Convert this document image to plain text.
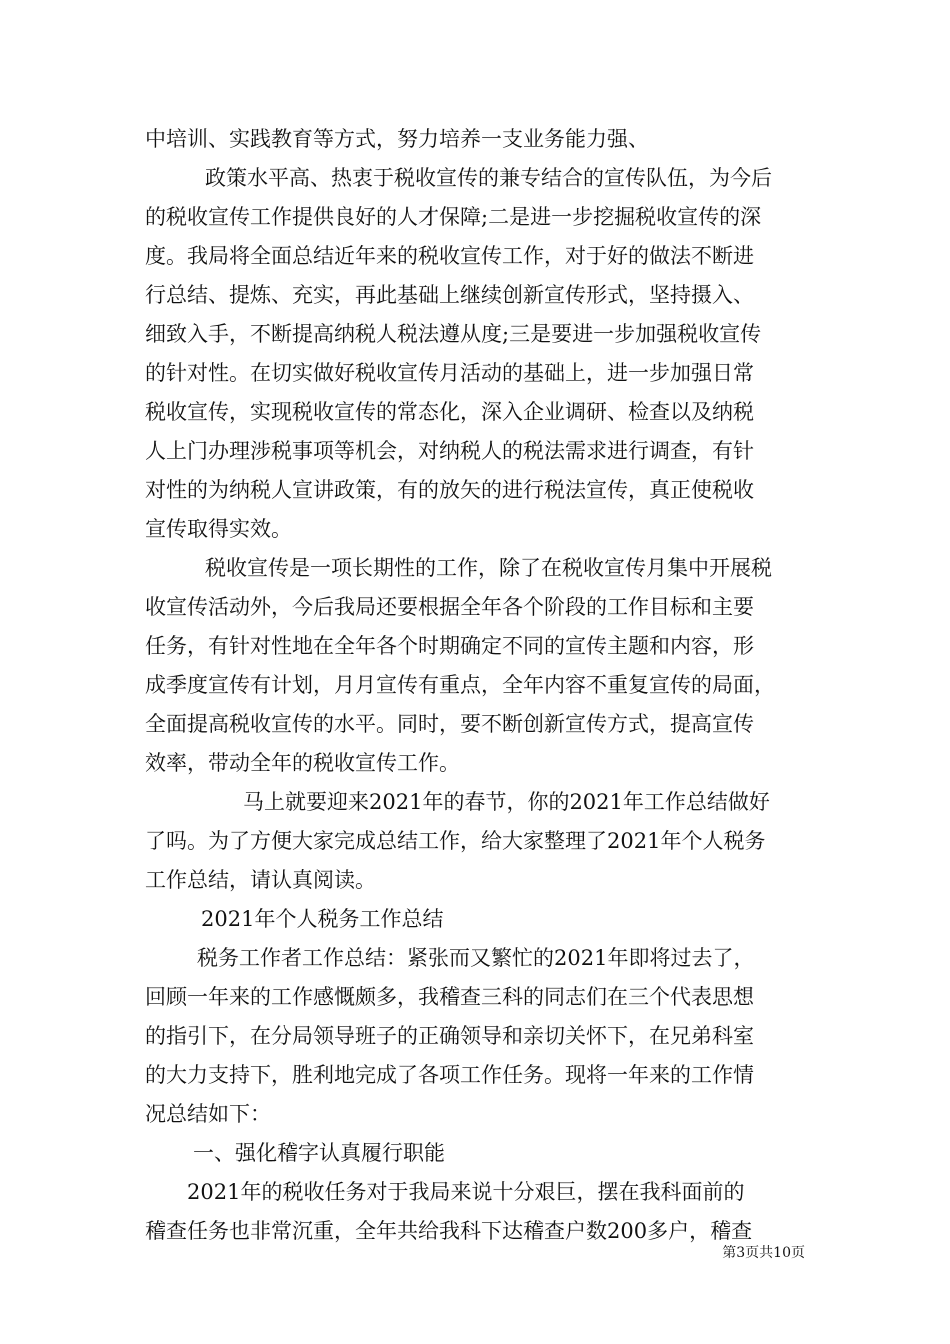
中培训、实践教育等方式，努力培养一支业务能力强、
政策水平高、热衷于税收宣传的兼专结合的宣传队伍，为今后
的税收宣传工作提供良好的人才保障;二是进一步挖掘税收宣传的深
度。我局将全面总结近年来的税收宣传工作，对于好的做法不断进
行总结、提炼、充实，再此基础上继续创新宣传形式，坚持摄入、
细致入手，不断提高纳税人税法遵从度;三是要进一步加强税收宣传
的针对性。在切实做好税收宣传月活动的基础上，进一步加强日常
税收宣传，实现税收宣传的常态化，深入企业调研、检查以及纳税
人上门办理涉税事项等机会，对纳税人的税法需求进行调查，有针
对性的为纳税人宣讲政策，有的放矢的进行税法宣传，真正使税收
宣传取得实效。
税收宣传是一项长期性的工作，除了在税收宣传月集中开展税
收宣传活动外，今后我局还要根据全年各个阶段的工作目标和主要
任务，有针对性地在全年各个时期确定不同的宣传主题和内容，形
成季度宣传有计划，月月宣传有重点，全年内容不重复宣传的局面，
全面提高税收宣传的水平。同时，要不断创新宣传方式，提高宣传
效率，带动全年的税收宣传工作。
马上就要迎来2021年的春节，你的2021年工作总结做好
了吗。为了方便大家完成总结工作，给大家整理了2021年个人税务
工作总结，请认真阅读。
2021年个人税务工作总结
税务工作者工作总结：紧张而又繁忙的2021年即将过去了，
回顾一年来的工作感慨颇多，我稽查三科的同志们在三个代表思想
的指引下，在分局领导班子的正确领导和亲切关怀下，在兄弟科室
的大力支持下，胜利地完成了各项工作任务。现将一年来的工作情
况总结如下：
一、强化稽字认真履行职能
2021年的税收任务对于我局来说十分艰巨，摆在我科面前的
稽查任务也非常沉重，全年共给我科下达稽查户数200多户，稽查
第3页共10页
